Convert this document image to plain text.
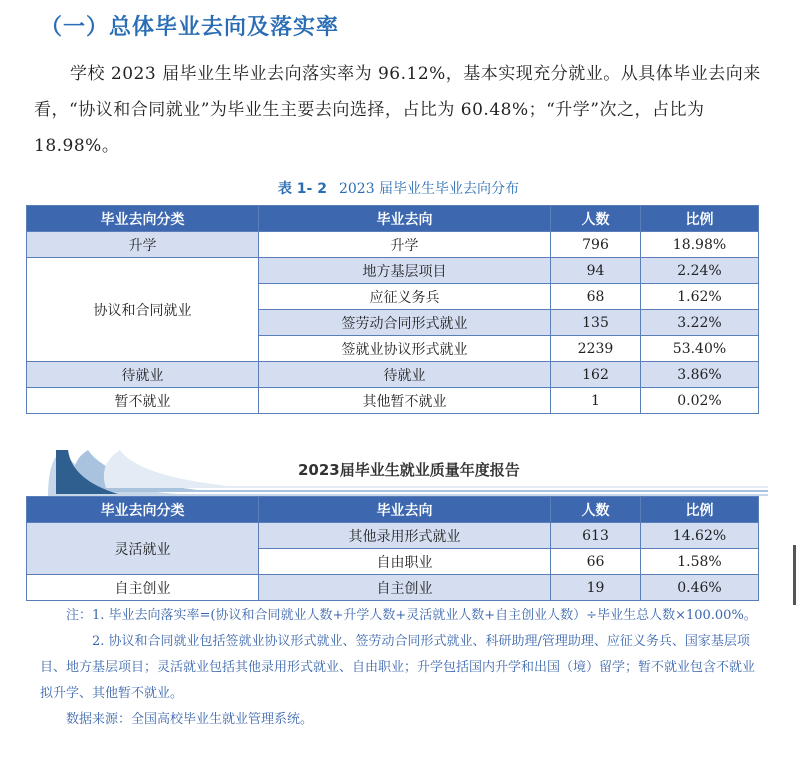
（一）总体毕业去向及落实率

学校 2023 届毕业生毕业去向落实率为 96.12%，基本实现充分就业。从具体毕业去向来看，“协议和合同就业”为毕业生主要去向选择，占比为 60.48%；“升学”次之，占比为 18.98%。

表 1- 2 2023 届毕业生毕业去向分布
毕业去向分类	毕业去向	人数	比例
升学	升学	796	18.98%
协议和合同就业	地方基层项目	94	2.24%
	应征义务兵	68	1.62%
	签劳动合同形式就业	135	3.22%
	签就业协议形式就业	2239	53.40%
待就业	待就业	162	3.86%
暂不就业	其他暂不就业	1	0.02%
2023届毕业生就业质量年度报告
毕业去向分类	毕业去向	人数	比例
灵活就业	其他录用形式就业	613	14.62%
	自由职业	66	1.58%
自主创业	自主创业	19	0.46%

注：1. 毕业去向落实率=(协议和合同就业人数+升学人数+灵活就业人数+自主创业人数）÷毕业生总人数×100.00%。

2. 协议和合同就业包括签就业协议形式就业、签劳动合同形式就业、科研助理/管理助理、应征义务兵、国家基层项目、地方基层项目；灵活就业包括其他录用形式就业、自由职业；升学包括国内升学和出国（境）留学；暂不就业包含不就业拟升学、其他暂不就业。

数据来源：全国高校毕业生就业管理系统。
